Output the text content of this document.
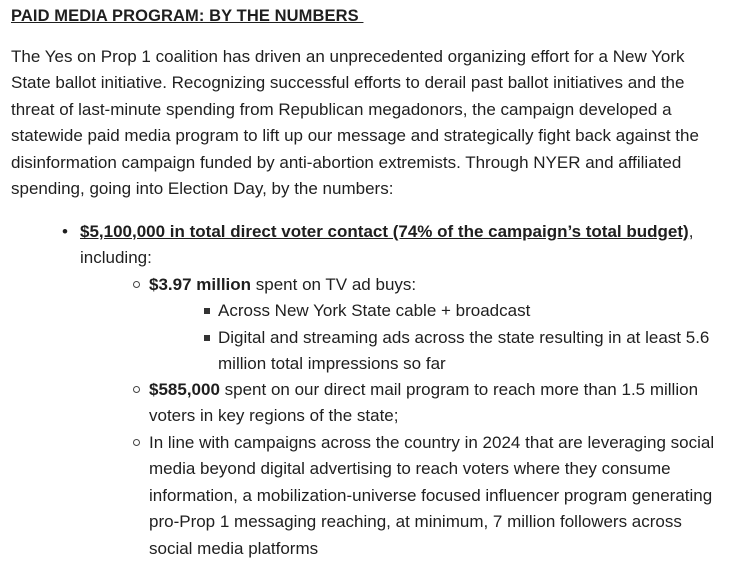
PAID MEDIA PROGRAM: BY THE NUMBERS

The Yes on Prop 1 coalition has driven an unprecedented organizing effort for a New York State ballot initiative. Recognizing successful efforts to derail past ballot initiatives and the threat of last-minute spending from Republican megadonors, the campaign developed a statewide paid media program to lift up our message and strategically fight back against the disinformation campaign funded by anti-abortion extremists. Through NYER and affiliated spending, going into Election Day, by the numbers:

• $5,100,000 in total direct voter contact (74% of the campaign’s total budget), including:
$3.97 million spent on TV ad buys:
Across New York State cable + broadcast
Digital and streaming ads across the state resulting in at least 5.6 million total impressions so far
$585,000 spent on our direct mail program to reach more than 1.5 million voters in key regions of the state;
In line with campaigns across the country in 2024 that are leveraging social media beyond digital advertising to reach voters where they consume information, a mobilization-universe focused influencer program generating pro-Prop 1 messaging reaching, at minimum, 7 million followers across social media platforms
